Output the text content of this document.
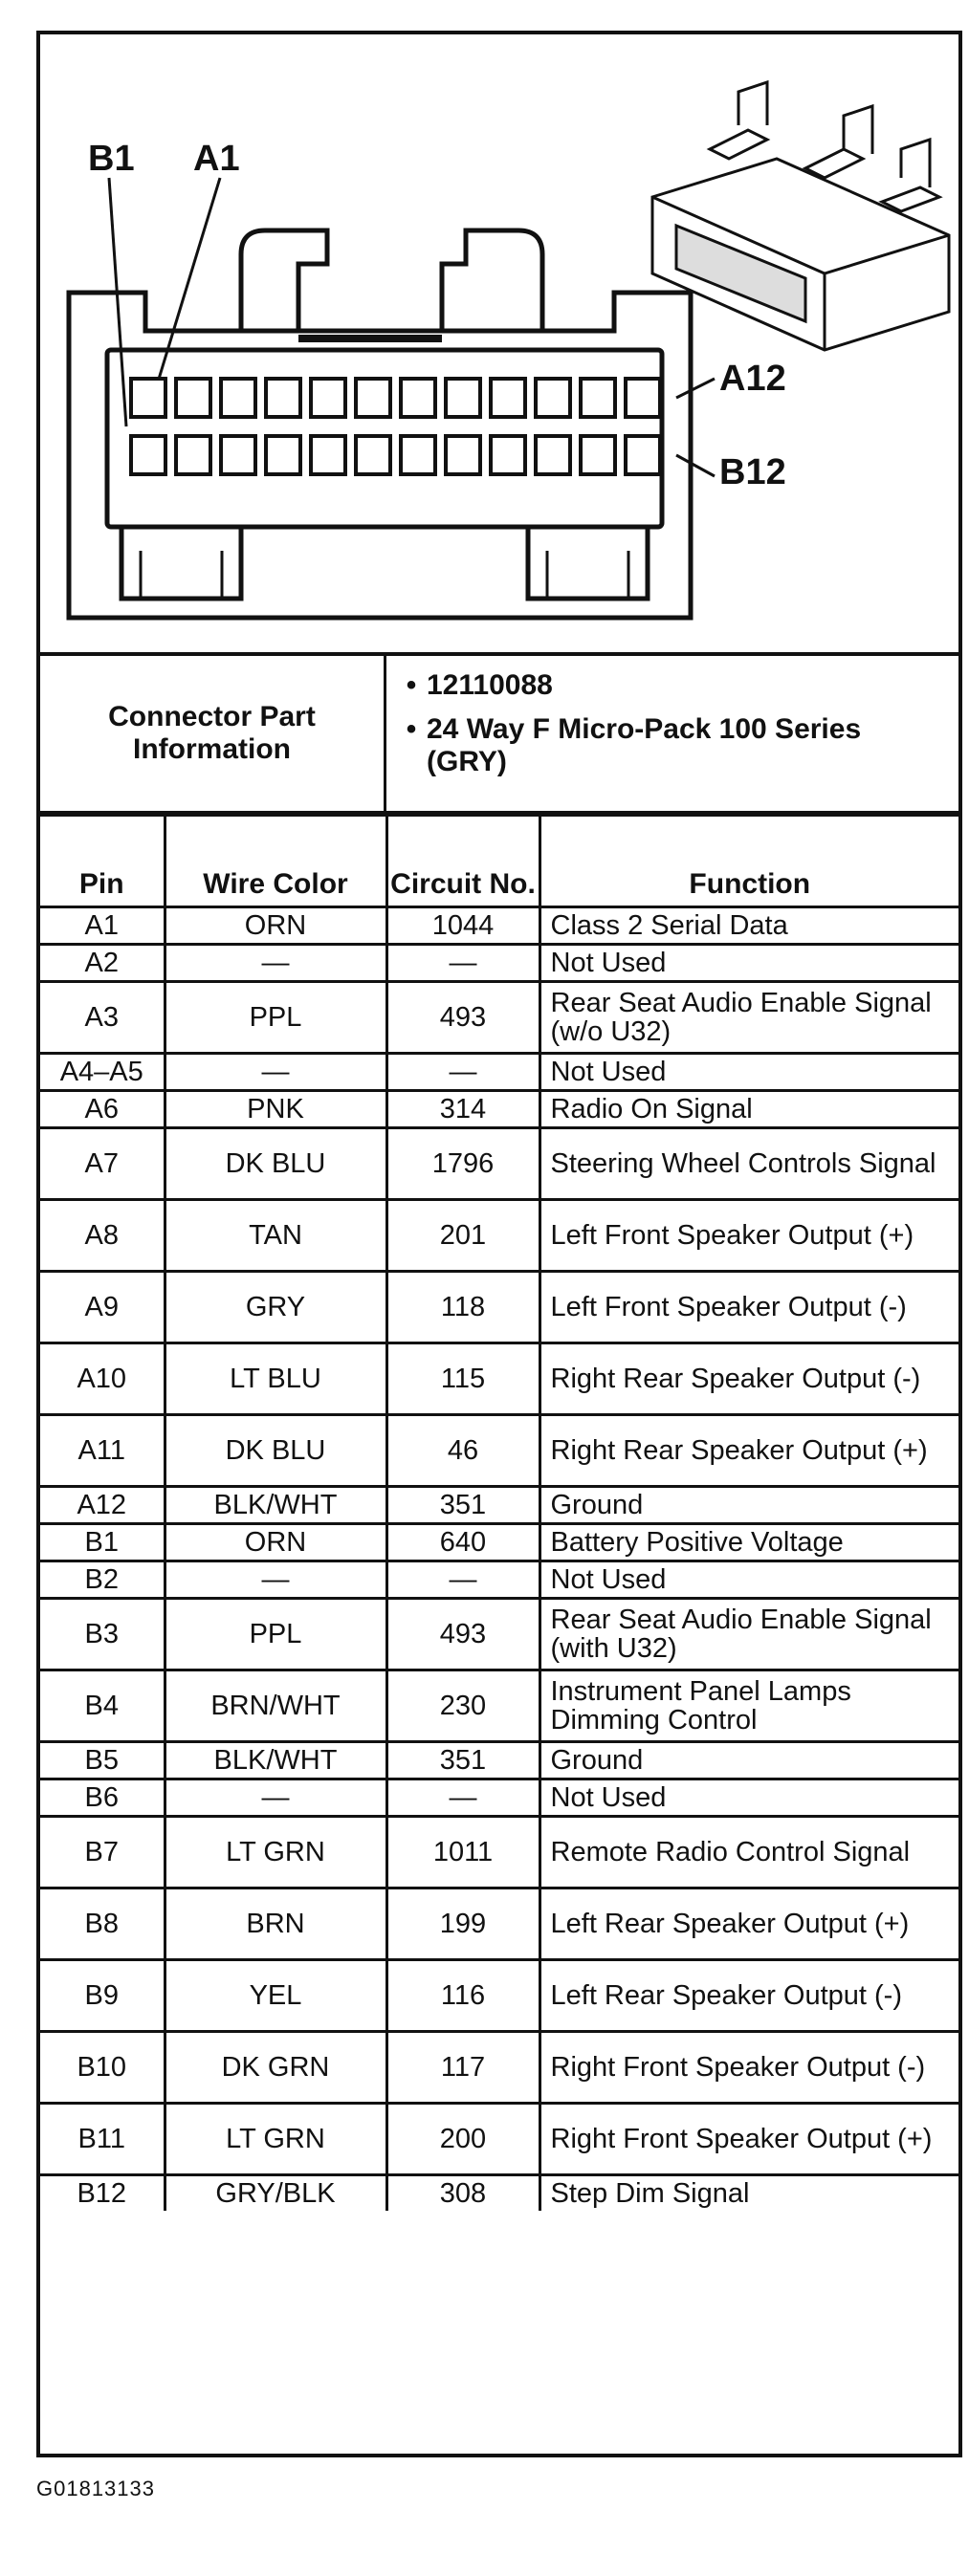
B1 A1
A12
B12
Connector Part Information
• 12110088
• 24 Way F Micro-Pack 100 Series (GRY)
Pin	Wire Color	Circuit No.	Function
A1	ORN	1044	Class 2 Serial Data
A2	—	—	Not Used
A3	PPL	493	Rear Seat Audio Enable Signal (w/o U32)
A4–A5	—	—	Not Used
A6	PNK	314	Radio On Signal
A7	DK BLU	1796	Steering Wheel Controls Signal
A8	TAN	201	Left Front Speaker Output (+)
A9	GRY	118	Left Front Speaker Output (-)
A10	LT BLU	115	Right Rear Speaker Output (-)
A11	DK BLU	46	Right Rear Speaker Output (+)
A12	BLK/WHT	351	Ground
B1	ORN	640	Battery Positive Voltage
B2	—	—	Not Used
B3	PPL	493	Rear Seat Audio Enable Signal (with U32)
B4	BRN/WHT	230	Instrument Panel Lamps Dimming Control
B5	BLK/WHT	351	Ground
B6	—	—	Not Used
B7	LT GRN	1011	Remote Radio Control Signal
B8	BRN	199	Left Rear Speaker Output (+)
B9	YEL	116	Left Rear Speaker Output (-)
B10	DK GRN	117	Right Front Speaker Output (-)
B11	LT GRN	200	Right Front Speaker Output (+)
B12	GRY/BLK	308	Step Dim Signal
G01813133
